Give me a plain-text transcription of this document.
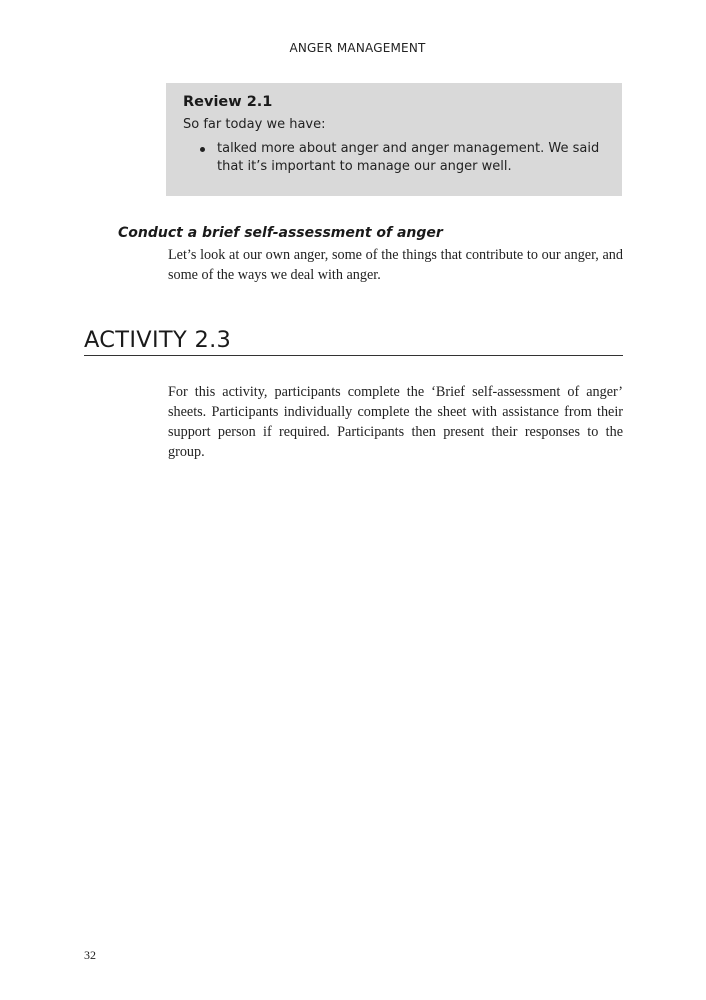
ANGER MANAGEMENT
Review 2.1
So far today we have:
talked more about anger and anger management. We said that it’s important to manage our anger well.
Conduct a brief self-assessment of anger

Let’s look at our own anger, some of the things that contribute to our anger, and some of the ways we deal with anger.

ACTIVITY 2.3

For this activity, participants complete the ‘Brief self-assessment of anger’ sheets. Participants individually complete the sheet with assistance from their support person if required. Participants then present their responses to the group.

32
